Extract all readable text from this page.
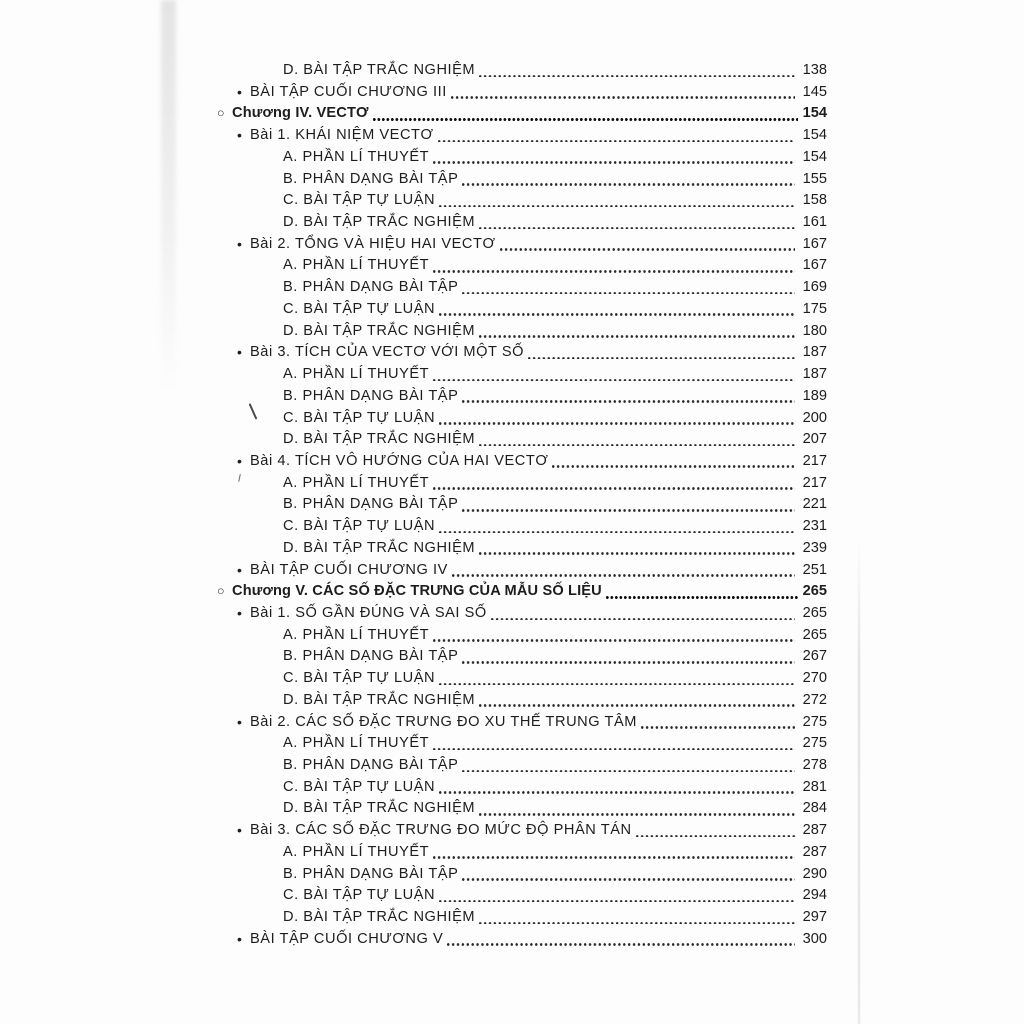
D. BÀI TẬP TRẮC NGHIỆM	138
• BÀI TẬP CUỐI CHƯƠNG III	145
○ Chương IV. VECTƠ	154
• Bài 1. KHÁI NIỆM VECTƠ	154
A. PHẦN LÍ THUYẾT	154
B. PHÂN DẠNG BÀI TẬP	155
C. BÀI TẬP TỰ LUẬN	158
D. BÀI TẬP TRẮC NGHIỆM	161
• Bài 2. TỔNG VÀ HIỆU HAI VECTƠ	167
A. PHẦN LÍ THUYẾT	167
B. PHÂN DẠNG BÀI TẬP	169
C. BÀI TẬP TỰ LUẬN	175
D. BÀI TẬP TRẮC NGHIỆM	180
• Bài 3. TÍCH CỦA VECTƠ VỚI MỘT SỐ	187
A. PHẦN LÍ THUYẾT	187
B. PHÂN DẠNG BÀI TẬP	189
C. BÀI TẬP TỰ LUẬN	200
D. BÀI TẬP TRẮC NGHIỆM	207
• Bài 4. TÍCH VÔ HƯỚNG CỦA HAI VECTƠ	217
A. PHẦN LÍ THUYẾT	217
B. PHÂN DẠNG BÀI TẬP	221
C. BÀI TẬP TỰ LUẬN	231
D. BÀI TẬP TRẮC NGHIỆM	239
• BÀI TẬP CUỐI CHƯƠNG IV	251
○ Chương V. CÁC SỐ ĐẶC TRƯNG CỦA MẪU SỐ LIỆU	265
• Bài 1. SỐ GẦN ĐÚNG VÀ SAI SỐ	265
A. PHẦN LÍ THUYẾT	265
B. PHÂN DẠNG BÀI TẬP	267
C. BÀI TẬP TỰ LUẬN	270
D. BÀI TẬP TRẮC NGHIỆM	272
• Bài 2. CÁC SỐ ĐẶC TRƯNG ĐO XU THẾ TRUNG TÂM	275
A. PHẦN LÍ THUYẾT	275
B. PHÂN DẠNG BÀI TẬP	278
C. BÀI TẬP TỰ LUẬN	281
D. BÀI TẬP TRẮC NGHIỆM	284
• Bài 3. CÁC SỐ ĐẶC TRƯNG ĐO MỨC ĐỘ PHÂN TÁN	287
A. PHẦN LÍ THUYẾT	287
B. PHÂN DẠNG BÀI TẬP	290
C. BÀI TẬP TỰ LUẬN	294
D. BÀI TẬP TRẮC NGHIỆM	297
• BÀI TẬP CUỐI CHƯƠNG V	300
